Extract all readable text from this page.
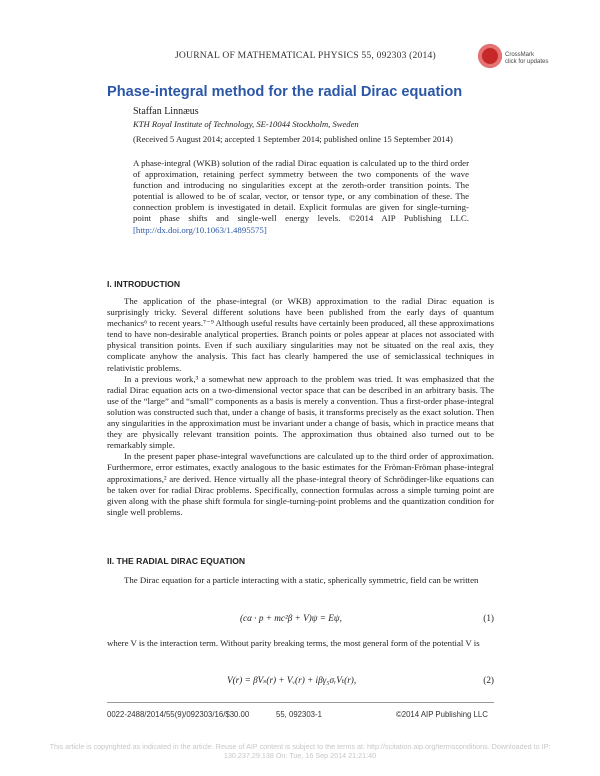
JOURNAL OF MATHEMATICAL PHYSICS 55, 092303 (2014)	CrossMark
click for updates
Phase-integral method for the radial Dirac equation
Staffan Linnæus
KTH Royal Institute of Technology, SE-10044 Stockholm, Sweden
(Received 5 August 2014; accepted 1 September 2014; published online 15 September 2014)
A phase-integral (WKB) solution of the radial Dirac equation is calculated up to the third order of approximation, retaining perfect symmetry between the two components of the wave function and introducing no singularities except at the zeroth-order transition points. The potential is allowed to be of scalar, vector, or tensor type, or any combination of these. The connection problem is investigated in detail. Explicit formulas are given for single-turning-point phase shifts and single-well energy levels. ©2014 AIP Publishing LLC. [http://dx.doi.org/10.1063/1.4895575]
I. INTRODUCTION

The application of the phase-integral (or WKB) approximation to the radial Dirac equation is surprisingly tricky. Several different solutions have been published from the early days of quantum mechanics⁶ to recent years.⁷⁻⁹ Although useful results have certainly been produced, all these approximations tend to have non-desirable analytical properties. Branch points or poles appear at places not associated with physical transition points. Even if such auxiliary singularities may not be situated on the real axis, they complicate anyhow the analysis. This fact has clearly hampered the use of semiclassical techniques in relativistic problems.

In a previous work,³ a somewhat new approach to the problem was tried. It was emphasized that the radial Dirac equation acts on a two-dimensional vector space that can be described in an arbitrary basis. The use of the “large” and “small” components as a basis is merely a convention. Thus a first-order phase-integral solution was constructed such that, under a change of basis, it transforms precisely as the exact solution. Then any singularities in the approximation must be invariant under a change of basis, which in practice means that they are physically relevant transition points. The approximation thus obtained also turned out to be remarkably simple.

In the present paper phase-integral wavefunctions are calculated up to the third order of approximation. Furthermore, error estimates, exactly analogous to the basic estimates for the Fröman-Fröman phase-integral approximations,² are derived. Hence virtually all the phase-integral theory of Schrödinger-like equations can be taken over for radial Dirac problems. Specifically, connection formulas across a simple turning point are given along with the phase shift formula for single-turning-point problems and the quantization condition for single well problems.

II. THE RADIAL DIRAC EQUATION

The Dirac equation for a particle interacting with a static, spherically symmetric, field can be written

(cα · p + mc²β + V)ψ = Eψ,	(1)

where V is the interaction term. Without parity breaking terms, the most general form of the potential V is

V(r) = βVₛ(r) + Vᵥ(r) + iβγ₅σᵣVₜ(r),	(2)
0022-2488/2014/55(9)/092303/16/$30.00	55, 092303-1	©2014 AIP Publishing LLC
This article is copyrighted as indicated in the article. Reuse of AIP content is subject to the terms at: http://scitation.aip.org/termsconditions. Downloaded to IP:
130.237.29.138 On: Tue, 16 Sep 2014 21:21:40
